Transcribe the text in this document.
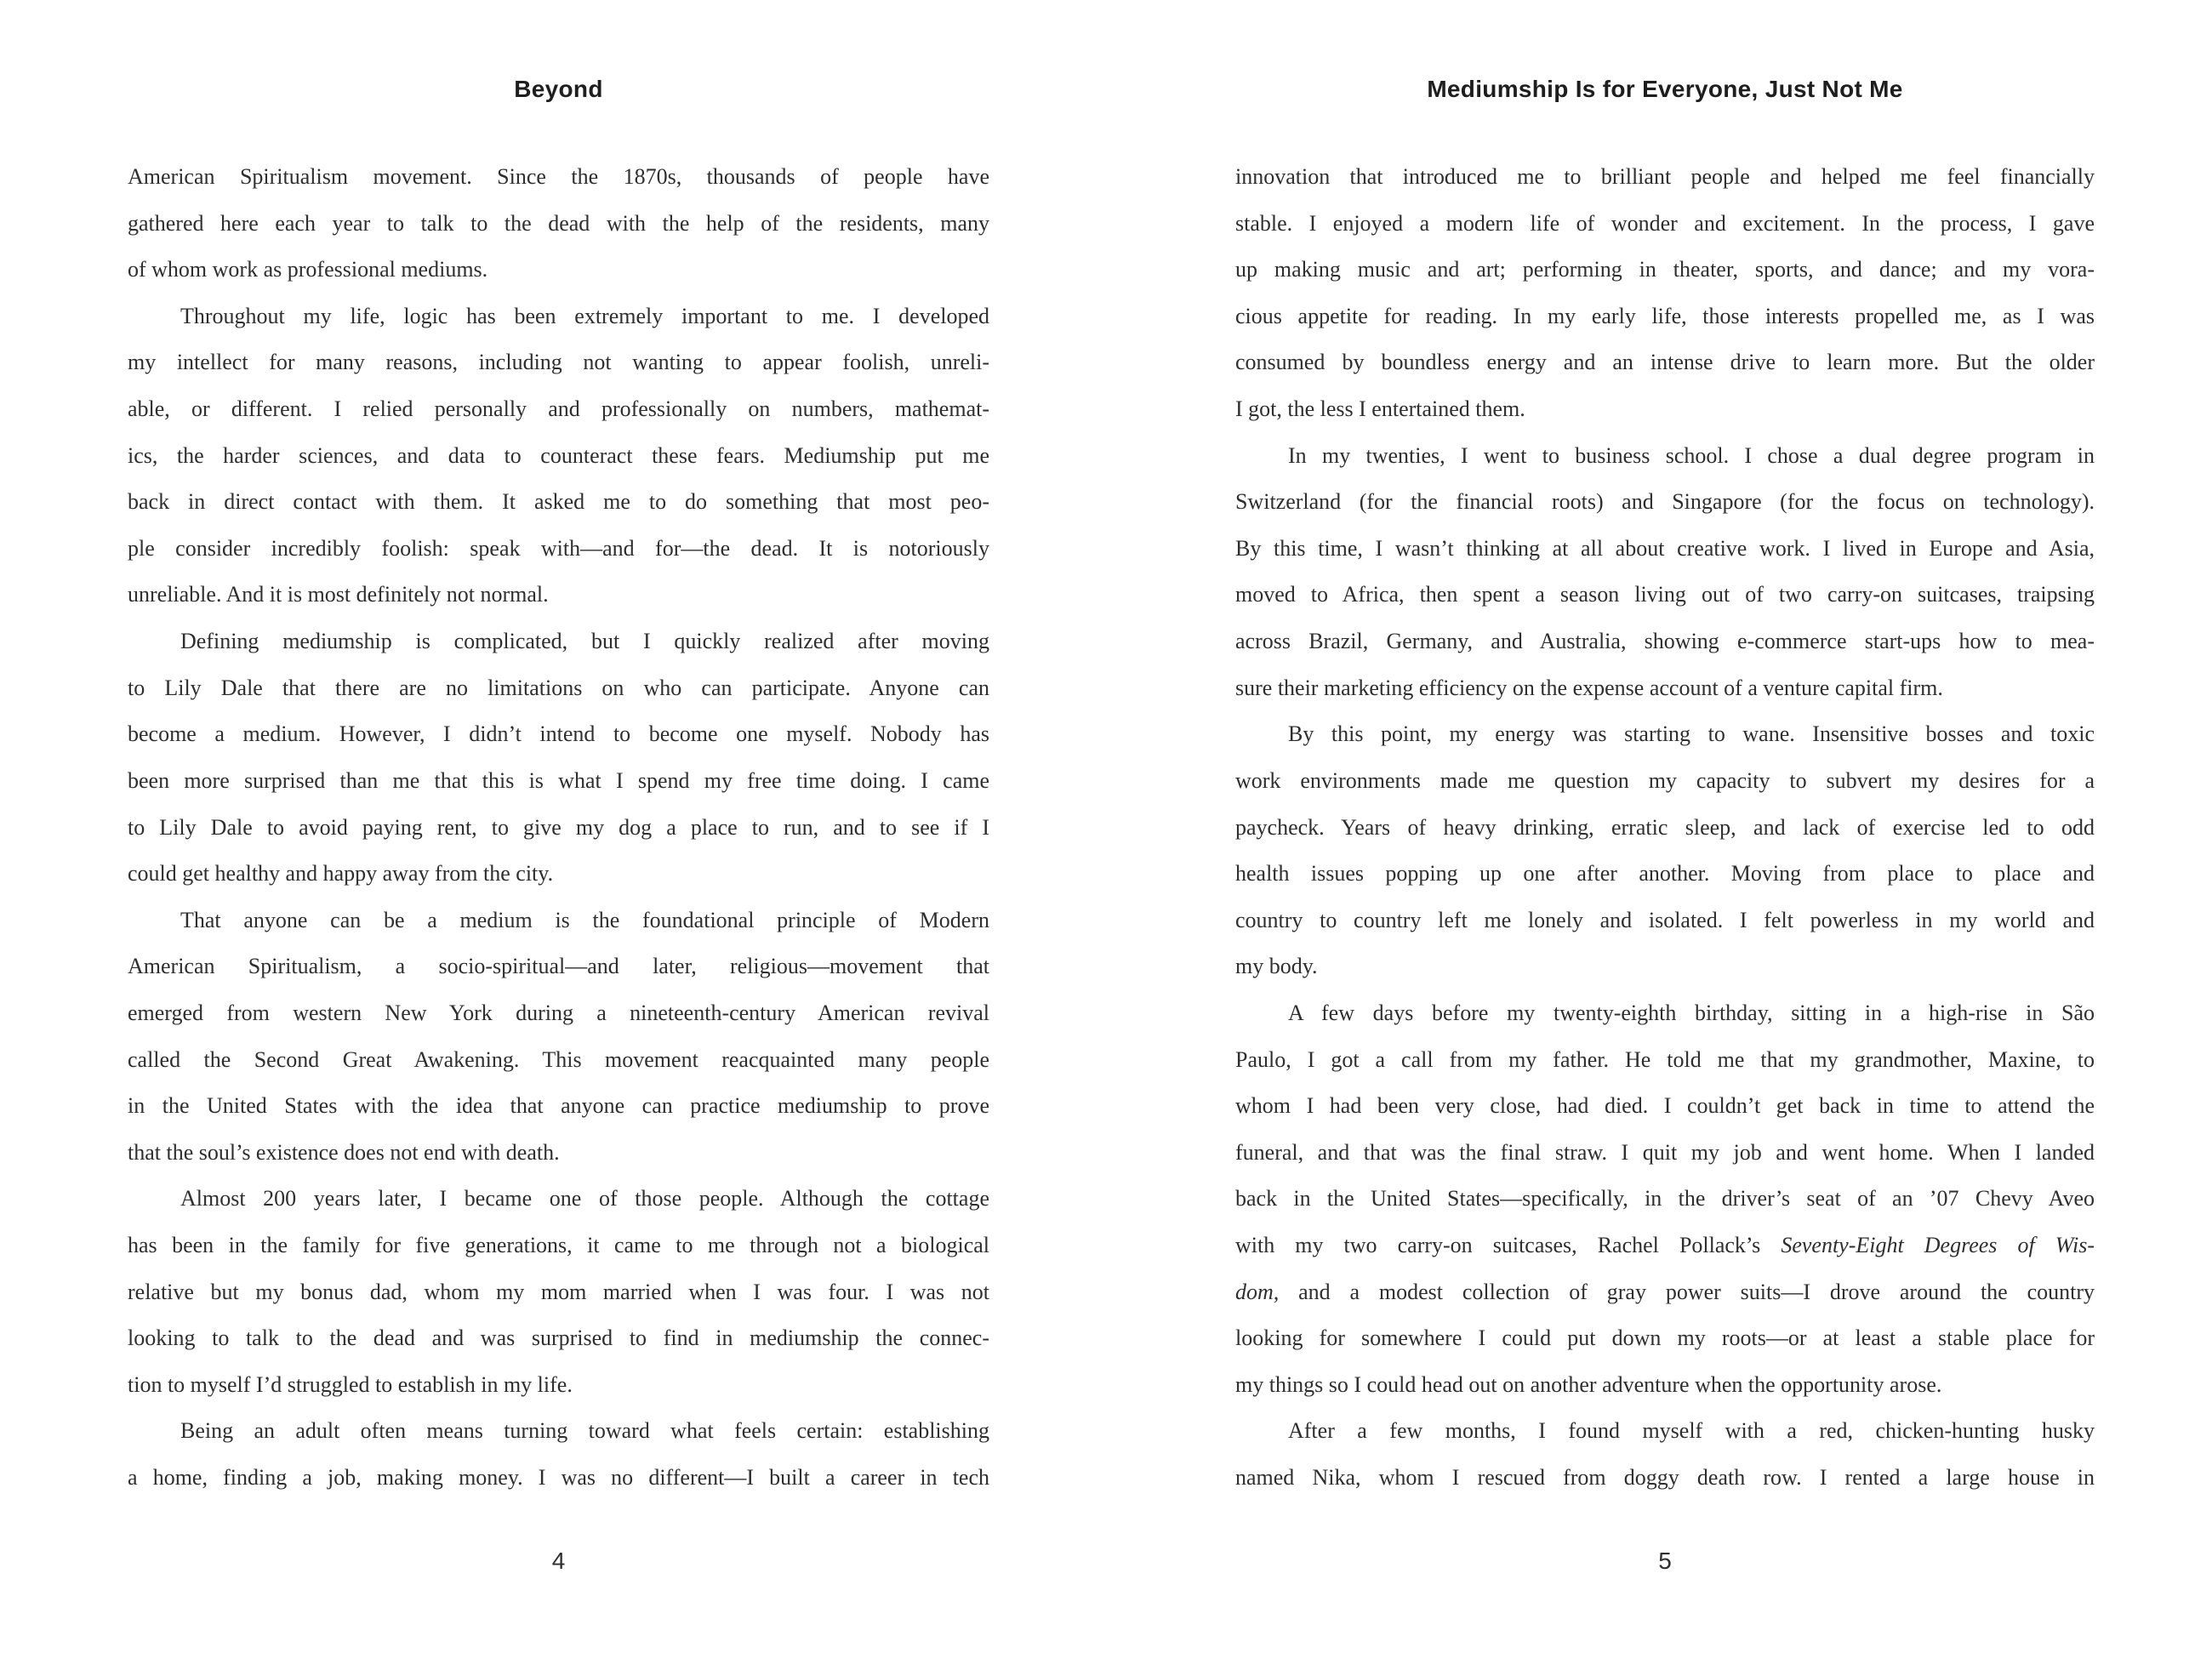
Beyond
American Spiritualism movement. Since the 1870s, thousands of people have
gathered here each year to talk to the dead with the help of the residents, many
of whom work as professional mediums.
Throughout my life, logic has been extremely important to me. I developed
my intellect for many reasons, including not wanting to appear foolish, unreli-
able, or different. I relied personally and professionally on numbers, mathemat-
ics, the harder sciences, and data to counteract these fears. Mediumship put me
back in direct contact with them. It asked me to do something that most peo-
ple consider incredibly foolish: speak with—and for—the dead. It is notoriously
unreliable. And it is most definitely not normal.
Defining mediumship is complicated, but I quickly realized after moving
to Lily Dale that there are no limitations on who can participate. Anyone can
become a medium. However, I didn’t intend to become one myself. Nobody has
been more surprised than me that this is what I spend my free time doing. I came
to Lily Dale to avoid paying rent, to give my dog a place to run, and to see if I
could get healthy and happy away from the city.
That anyone can be a medium is the foundational principle of Modern
American Spiritualism, a socio-spiritual—and later, religious—movement that
emerged from western New York during a nineteenth-century American revival
called the Second Great Awakening. This movement reacquainted many people
in the United States with the idea that anyone can practice mediumship to prove
that the soul’s existence does not end with death.
Almost 200 years later, I became one of those people. Although the cottage
has been in the family for five generations, it came to me through not a biological
relative but my bonus dad, whom my mom married when I was four. I was not
looking to talk to the dead and was surprised to find in mediumship the connec-
tion to myself I’d struggled to establish in my life.
Being an adult often means turning toward what feels certain: establishing
a home, finding a job, making money. I was no different—I built a career in tech
4
Mediumship Is for Everyone, Just Not Me
innovation that introduced me to brilliant people and helped me feel financially
stable. I enjoyed a modern life of wonder and excitement. In the process, I gave
up making music and art; performing in theater, sports, and dance; and my vora-
cious appetite for reading. In my early life, those interests propelled me, as I was
consumed by boundless energy and an intense drive to learn more. But the older
I got, the less I entertained them.
In my twenties, I went to business school. I chose a dual degree program in
Switzerland (for the financial roots) and Singapore (for the focus on technology).
By this time, I wasn’t thinking at all about creative work. I lived in Europe and Asia,
moved to Africa, then spent a season living out of two carry-on suitcases, traipsing
across Brazil, Germany, and Australia, showing e-commerce start-ups how to mea-
sure their marketing efficiency on the expense account of a venture capital firm.
By this point, my energy was starting to wane. Insensitive bosses and toxic
work environments made me question my capacity to subvert my desires for a
paycheck. Years of heavy drinking, erratic sleep, and lack of exercise led to odd
health issues popping up one after another. Moving from place to place and
country to country left me lonely and isolated. I felt powerless in my world and
my body.
A few days before my twenty-eighth birthday, sitting in a high-rise in São
Paulo, I got a call from my father. He told me that my grandmother, Maxine, to
whom I had been very close, had died. I couldn’t get back in time to attend the
funeral, and that was the final straw. I quit my job and went home. When I landed
back in the United States—specifically, in the driver’s seat of an ’07 Chevy Aveo
with my two carry-on suitcases, Rachel Pollack’s Seventy-Eight Degrees of Wis-
dom, and a modest collection of gray power suits—I drove around the country
looking for somewhere I could put down my roots—or at least a stable place for
my things so I could head out on another adventure when the opportunity arose.
After a few months, I found myself with a red, chicken-hunting husky
named Nika, whom I rescued from doggy death row. I rented a large house in
5
